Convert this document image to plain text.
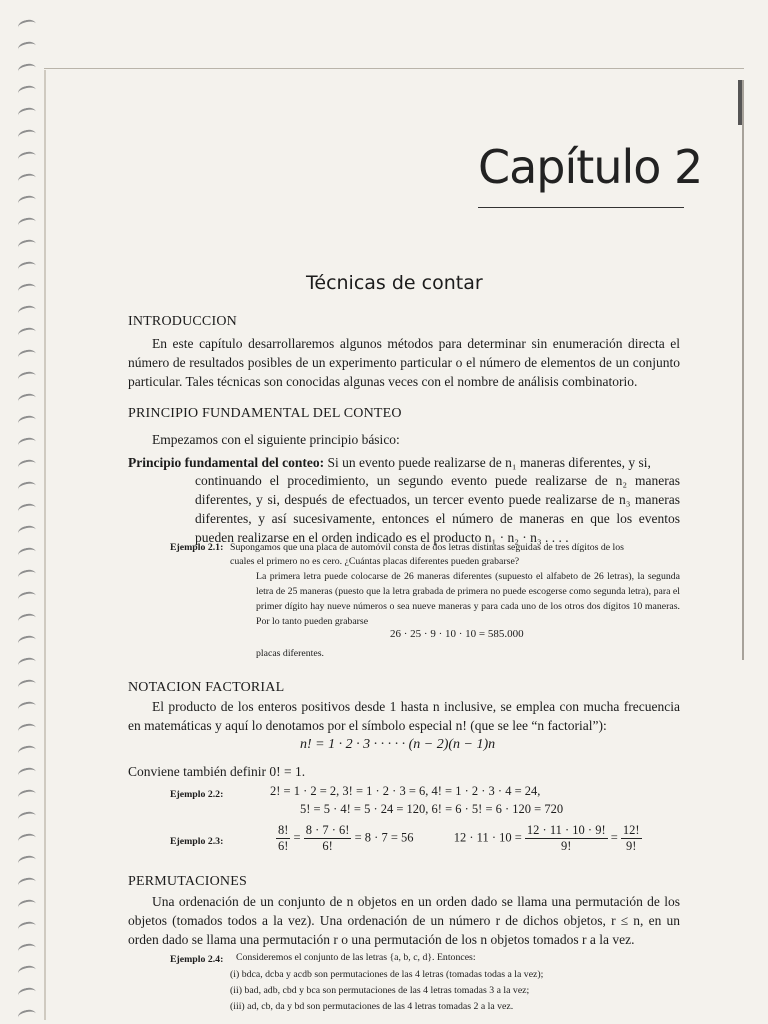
Capítulo 2
Técnicas de contar
INTRODUCCION
En este capítulo desarrollaremos algunos métodos para determinar sin enumeración directa el número de resultados posibles de un experimento particular o el número de elementos de un conjunto particular. Tales técnicas son conocidas algunas veces con el nombre de análisis combinatorio.
PRINCIPIO FUNDAMENTAL DEL CONTEO
Empezamos con el siguiente principio básico:
Principio fundamental del conteo: Si un evento puede realizarse de n₁ maneras diferentes, y si,
continuando el procedimiento, un segundo evento puede realizarse de n₂ maneras diferentes, y si, después de efectuados, un tercer evento puede realizarse de n₃ maneras diferentes, y así sucesivamente, entonces el número de maneras en que los eventos pueden realizarse en el orden indicado es el producto n₁ · n₂ · n₃ . . . .
Ejemplo 2.1: Supongamos que una placa de automóvil consta de dos letras distintas seguidas de tres dígitos de los
cuales el primero no es cero. ¿Cuántas placas diferentes pueden grabarse?
La primera letra puede colocarse de 26 maneras diferentes (supuesto el alfabeto de 26 letras), la segunda letra de 25 maneras (puesto que la letra grabada de primera no puede escogerse como segunda letra), para el primer dígito hay nueve números o sea nueve maneras y para cada uno de los otros dos dígitos 10 maneras. Por lo tanto pueden grabarse
26 · 25 · 9 · 10 · 10 = 585.000
placas diferentes.
NOTACION FACTORIAL
El producto de los enteros positivos desde 1 hasta n inclusive, se emplea con mucha frecuencia en matemáticas y aquí lo denotamos por el símbolo especial n! (que se lee “n factorial”):
n! = 1 · 2 · 3 · · · · · (n − 2)(n − 1)n
Conviene también definir 0! = 1.
Ejemplo 2.2:	2! = 1 · 2 = 2, 3! = 1 · 2 · 3 = 6, 4! = 1 · 2 · 3 · 4 = 24,
5! = 5 · 4! = 5 · 24 = 120, 6! = 6 · 5! = 6 · 120 = 720
Ejemplo 2.3:	$\frac{8!}{6!} = \frac{8 \cdot 7 \cdot 6!}{6!} = 8 \cdot 7 = 56$	$12 \cdot 11 \cdot 10 = \frac{12 \cdot 11 \cdot 10 \cdot 9!}{9!} = \frac{12!}{9!}$
PERMUTACIONES
Una ordenación de un conjunto de n objetos en un orden dado se llama una permutación de los objetos (tomados todos a la vez). Una ordenación de un número r de dichos objetos, r ≤ n, en un orden dado se llama una permutación r o una permutación de los n objetos tomados r a la vez.
Ejemplo 2.4: Consideremos el conjunto de las letras {a, b, c, d}. Entonces:
(i) bdca, dcba y acdb son permutaciones de las 4 letras (tomadas todas a la vez);
(ii) bad, adb, cbd y bca son permutaciones de las 4 letras tomadas 3 a la vez;
(iii) ad, cb, da y bd son permutaciones de las 4 letras tomadas 2 a la vez.
